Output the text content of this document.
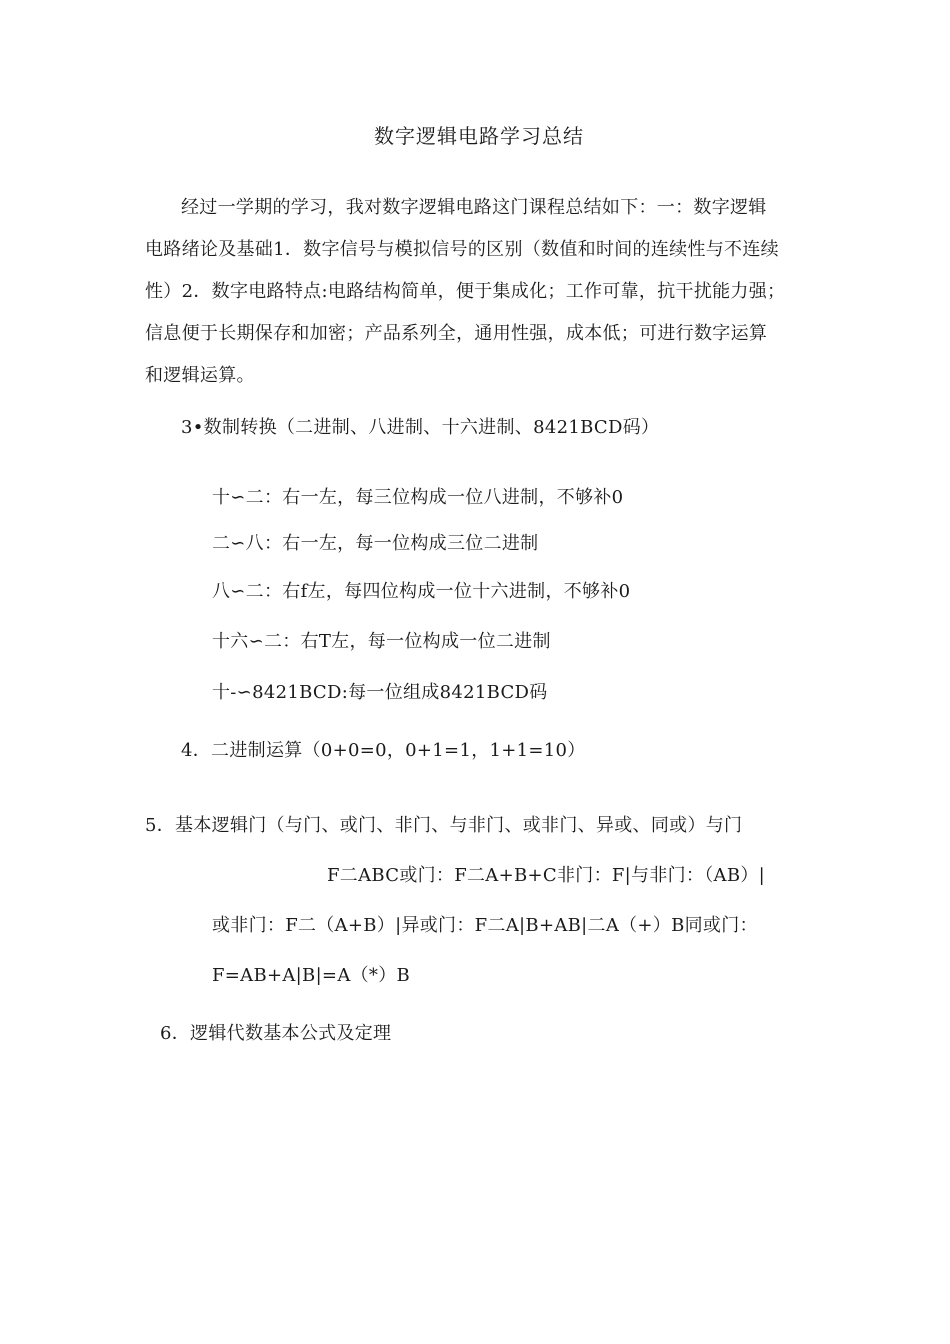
数字逻辑电路学习总结
经过一学期的学习，我对数字逻辑电路这门课程总结如下：一：数字逻辑
电路绪论及基础1．数字信号与模拟信号的区别（数值和时间的连续性与不连续
性）2．数字电路特点:电路结构简单，便于集成化；工作可靠，抗干扰能力强；
信息便于长期保存和加密；产品系列全，通用性强，成本低；可进行数字运算
和逻辑运算。
3•数制转换（二进制、八进制、十六进制、8421BCD码）
十∽二：右一左，每三位构成一位八进制，不够补0
二∽八：右一左，每一位构成三位二进制
八∽二：右f左，每四位构成一位十六进制，不够补0
十六∽二：右T左，每一位构成一位二进制
十-∽8421BCD:每一位组成8421BCD码
4．二进制运算（0+0=0，0+1=1，1+1=10）
5．基本逻辑门（与门、或门、非门、与非门、或非门、异或、同或）与门
F二ABC或门：F二A+B+C非门：F|与非门：（AB）|
或非门：F二（A+B）|异或门：F二A|B+AB|二A（+）B同或门：
F=AB+A|B|=A（*）B
6．逻辑代数基本公式及定理
